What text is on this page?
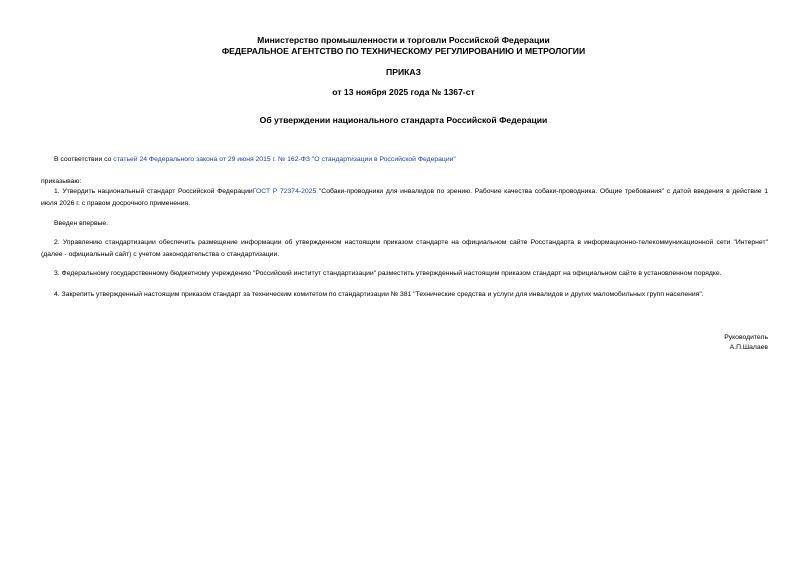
Министерство промышленности и торговли Российской Федерации
ФЕДЕРАЛЬНОЕ АГЕНТСТВО ПО ТЕХНИЧЕСКОМУ РЕГУЛИРОВАНИЮ И МЕТРОЛОГИИ
ПРИКАЗ
от 13 ноября 2025 года № 1367-ст
Об утверждении национального стандарта Российской Федерации
В соответствии со статьей 24 Федерального закона от 29 июня 2015 г. № 162-ФЗ "О стандартизации в Российской Федерации"
приказываю:
1. Утвердить национальный стандарт Российской ФедерацииГОСТ Р 72374-2025 "Собаки-проводники для инвалидов по зрению. Рабочие качества собаки-проводника. Общие требования" с датой введения в действие 1 июля 2026 г. с правом досрочного применения.
Введен впервые.
2. Управлению стандартизации обеспечить размещение информации об утвержденном настоящим приказом стандарте на официальном сайте Росстандарта в информационно-телекоммуникационной сети "Интернет" (далее - официальный сайт) с учетом законодательства о стандартизации.
3. Федеральному государственному бюджетному учреждению "Российский институт стандартизации" разместить утвержденный настоящим приказом стандарт на официальном сайте в установленном порядке.
4. Закрепить утвержденный настоящим приказом стандарт за техническим комитетом по стандартизации № 381 "Технические средства и услуги для инвалидов и других маломобильных групп населения".
Руководитель
А.П.Шалаев
